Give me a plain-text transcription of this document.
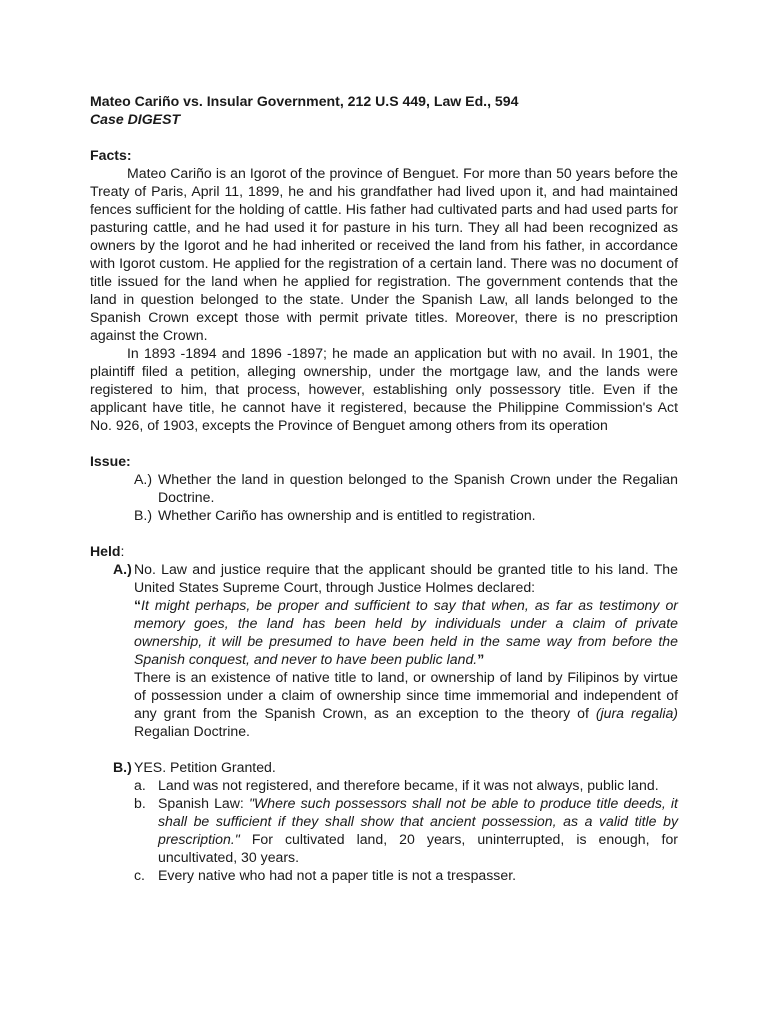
Mateo Cariño vs. Insular Government, 212 U.S 449, Law Ed., 594
Case DIGEST
Facts:

Mateo Cariño is an Igorot of the province of Benguet. For more than 50 years before the Treaty of Paris, April 11, 1899, he and his grandfather had lived upon it, and had maintained fences sufficient for the holding of cattle. His father had cultivated parts and had used parts for pasturing cattle, and he had used it for pasture in his turn. They all had been recognized as owners by the Igorot and he had inherited or received the land from his father, in accordance with Igorot custom. He applied for the registration of a certain land. There was no document of title issued for the land when he applied for registration. The government contends that the land in question belonged to the state. Under the Spanish Law, all lands belonged to the Spanish Crown except those with permit private titles. Moreover, there is no prescription against the Crown.

In 1893 -1894 and 1896 -1897; he made an application but with no avail. In 1901, the plaintiff filed a petition, alleging ownership, under the mortgage law, and the lands were registered to him, that process, however, establishing only possessory title. Even if the applicant have title, he cannot have it registered, because the Philippine Commission's Act No. 926, of 1903, excepts the Province of Benguet among others from its operation

Issue:
A.) Whether the land in question belonged to the Spanish Crown under the Regalian Doctrine.
B.) Whether Cariño has ownership and is entitled to registration.
Held:
A.) No. Law and justice require that the applicant should be granted title to his land. The United States Supreme Court, through Justice Holmes declared:

“It might perhaps, be proper and sufficient to say that when, as far as testimony or memory goes, the land has been held by individuals under a claim of private ownership, it will be presumed to have been held in the same way from before the Spanish conquest, and never to have been public land.”

There is an existence of native title to land, or ownership of land by Filipinos by virtue of possession under a claim of ownership since time immemorial and independent of any grant from the Spanish Crown, as an exception to the theory of (jura regalia) Regalian Doctrine.

B.) YES. Petition Granted.

a. Land was not registered, and therefore became, if it was not always, public land.
b. Spanish Law: "Where such possessors shall not be able to produce title deeds, it shall be sufficient if they shall show that ancient possession, as a valid title by prescription." For cultivated land, 20 years, uninterrupted, is enough, for uncultivated, 30 years.
c. Every native who had not a paper title is not a trespasser.
